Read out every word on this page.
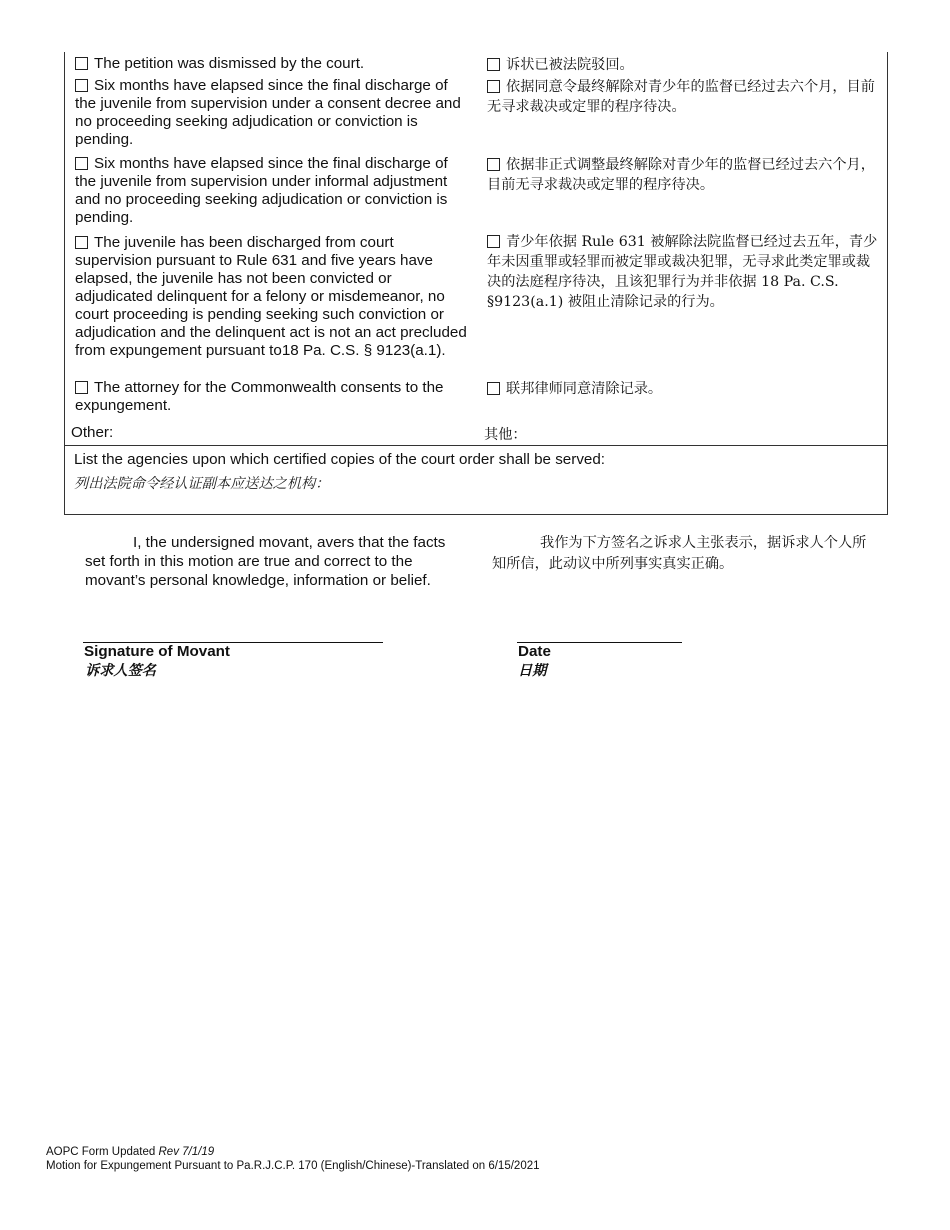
The petition was dismissed by the court.	诉状已被法院驳回。
Six months have elapsed since the final discharge of the juvenile from supervision under a consent decree and no proceeding seeking adjudication or conviction is pending.
依据同意令最终解除对青少年的监督已经过去六个月，目前无寻求裁决或定罪的程序待决。
Six months have elapsed since the final discharge of the juvenile from supervision under informal adjustment and no proceeding seeking adjudication or conviction is pending.
依据非正式调整最终解除对青少年的监督已经过去六个月，目前无寻求裁决或定罪的程序待决。
The juvenile has been discharged from court supervision pursuant to Rule 631 and five years have elapsed, the juvenile has not been convicted or adjudicated delinquent for a felony or misdemeanor, no court proceeding is pending seeking such conviction or adjudication and the delinquent act is not an act precluded from expungement pursuant to18 Pa. C.S. § 9123(a.1).
青少年依据 Rule 631 被解除法院监督已经过去五年，青少年未因重罪或轻罪而被定罪或裁决犯罪，无寻求此类定罪或裁决的法庭程序待决，且该犯罪行为并非依据 18 Pa. C.S. §9123(a.1) 被阻止清除记录的行为。
The attorney for the Commonwealth consents to the expungement.
联邦律师同意清除记录。
Other:	其他：
List the agencies upon which certified copies of the court order shall be served:
列出法院命令经认证副本应送达之机构：
I, the undersigned movant, avers that the facts set forth in this motion are true and correct to the movant’s personal knowledge, information or belief.
我作为下方签名之诉求人主张表示，据诉求人个人所知所信，此动议中所列事实真实正确。
Signature of Movant
诉求人签名
Date
日期
AOPC Form Updated Rev 7/1/19
Motion for Expungement Pursuant to Pa.R.J.C.P. 170 (English/Chinese)-Translated on 6/15/2021
